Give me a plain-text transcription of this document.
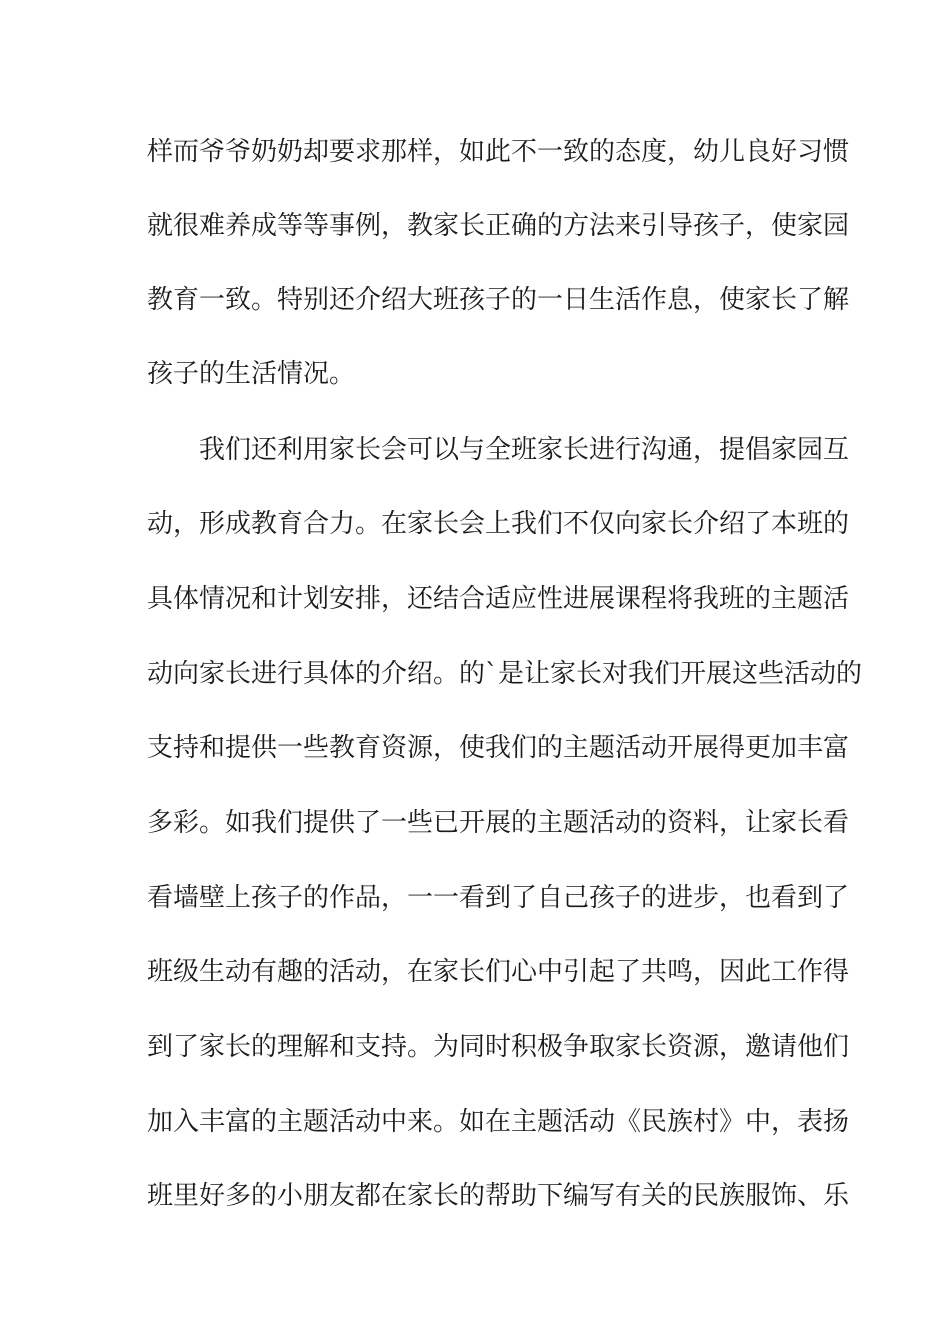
样而爷爷奶奶却要求那样，如此不一致的态度，幼儿良好习惯
就很难养成等等事例，教家长正确的方法来引导孩子，使家园
教育一致。特别还介绍大班孩子的一日生活作息，使家长了解
孩子的生活情况。
我们还利用家长会可以与全班家长进行沟通，提倡家园互
动，形成教育合力。在家长会上我们不仅向家长介绍了本班的
具体情况和计划安排，还结合适应性进展课程将我班的主题活
动向家长进行具体的介绍。的`是让家长对我们开展这些活动的
支持和提供一些教育资源，使我们的主题活动开展得更加丰富
多彩。如我们提供了一些已开展的主题活动的资料，让家长看
看墙壁上孩子的作品，一一看到了自己孩子的进步，也看到了
班级生动有趣的活动，在家长们心中引起了共鸣，因此工作得
到了家长的理解和支持。为同时积极争取家长资源，邀请他们
加入丰富的主题活动中来。如在主题活动《民族村》中，表扬
班里好多的小朋友都在家长的帮助下编写有关的民族服饰、乐
